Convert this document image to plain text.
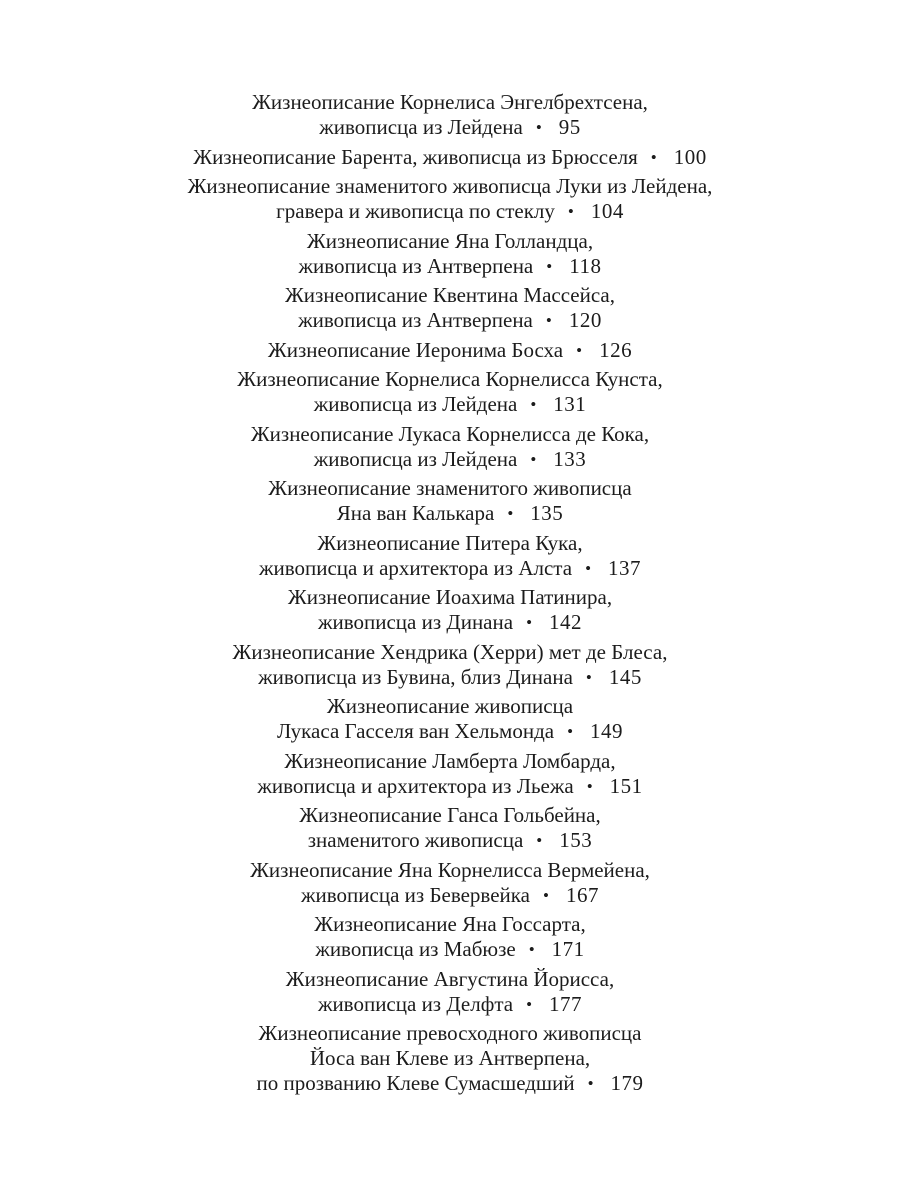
Жизнеописание Корнелиса Энгелбрехтсена,
живописца из Лейдена • 95
Жизнеописание Барента, живописца из Брюсселя • 100
Жизнеописание знаменитого живописца Луки из Лейдена,
гравера и живописца по стеклу • 104
Жизнеописание Яна Голландца,
живописца из Антверпена • 118
Жизнеописание Квентина Массейса,
живописца из Антверпена • 120
Жизнеописание Иеронима Босха • 126
Жизнеописание Корнелиса Корнелисса Кунста,
живописца из Лейдена • 131
Жизнеописание Лукаса Корнелисса де Кока,
живописца из Лейдена • 133
Жизнеописание знаменитого живописца
Яна ван Калькара • 135
Жизнеописание Питера Кука,
живописца и архитектора из Алста • 137
Жизнеописание Иоахима Патинира,
живописца из Динана • 142
Жизнеописание Хендрика (Херри) мет де Блеса,
живописца из Бувина, близ Динана • 145
Жизнеописание живописца
Лукаса Гасселя ван Хельмонда • 149
Жизнеописание Ламберта Ломбарда,
живописца и архитектора из Льежа • 151
Жизнеописание Ганса Гольбейна,
знаменитого живописца • 153
Жизнеописание Яна Корнелисса Вермейена,
живописца из Бевервейка • 167
Жизнеописание Яна Госсарта,
живописца из Мабюзе • 171
Жизнеописание Августина Йорисса,
живописца из Делфта • 177
Жизнеописание превосходного живописца
Йоса ван Клеве из Антверпена,
по прозванию Клеве Сумасшедший • 179
